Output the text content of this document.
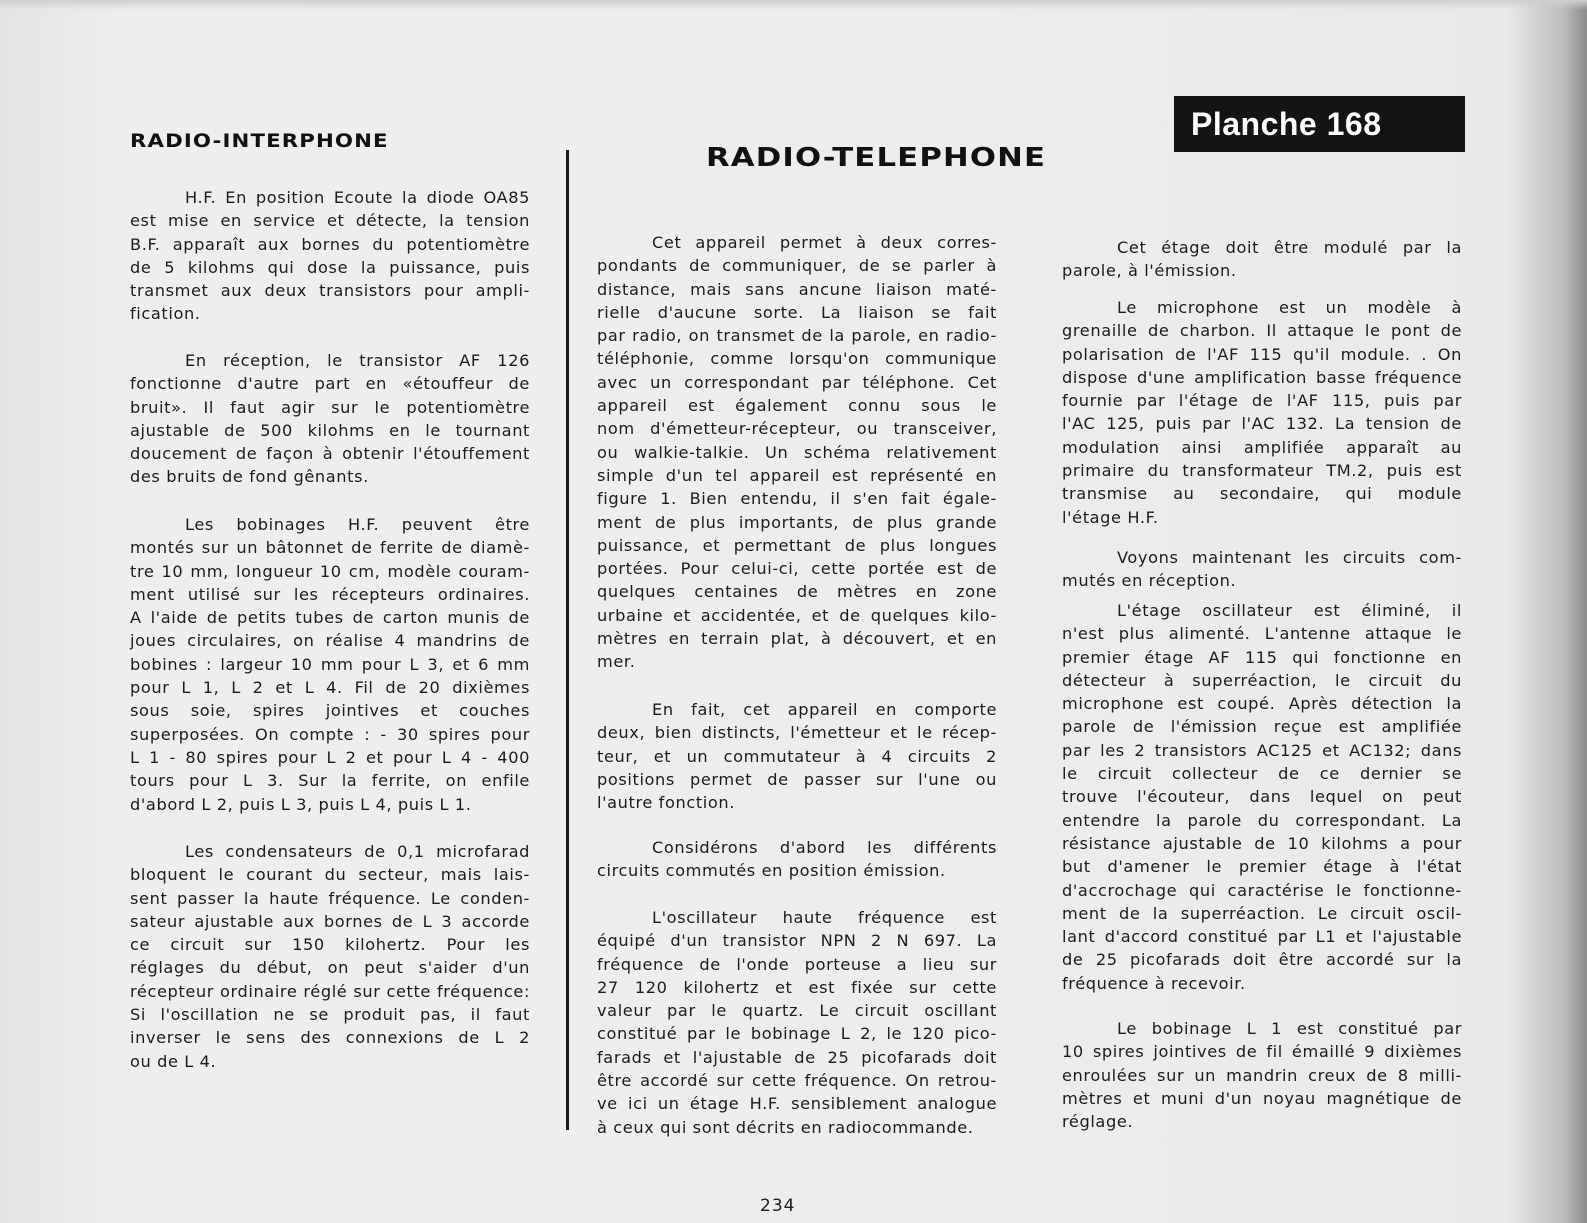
RADIO-INTERPHONE
RADIO-TELEPHONE
Planche 168
H.F. En position Ecoute la diode OA85
est mise en service et détecte, la tension
B.F. apparaît aux bornes du potentiomètre
de 5 kilohms qui dose la puissance, puis
transmet aux deux transistors pour ampli-
fication.
En réception, le transistor AF 126
fonctionne d'autre part en «étouffeur de
bruit». Il faut agir sur le potentiomètre
ajustable de 500 kilohms en le tournant
doucement de façon à obtenir l'étouffement
des bruits de fond gênants.
Les bobinages H.F. peuvent être
montés sur un bâtonnet de ferrite de diamè-
tre 10 mm, longueur 10 cm, modèle couram-
ment utilisé sur les récepteurs ordinaires.
A l'aide de petits tubes de carton munis de
joues circulaires, on réalise 4 mandrins de
bobines : largeur 10 mm pour L 3, et 6 mm
pour L 1, L 2 et L 4. Fil de 20 dixièmes
sous soie, spires jointives et couches
superposées. On compte : - 30 spires pour
L 1 - 80 spires pour L 2 et pour L 4 - 400
tours pour L 3. Sur la ferrite, on enfile
d'abord L 2, puis L 3, puis L 4, puis L 1.
Les condensateurs de 0,1 microfarad
bloquent le courant du secteur, mais lais-
sent passer la haute fréquence. Le conden-
sateur ajustable aux bornes de L 3 accorde
ce circuit sur 150 kilohertz. Pour les
réglages du début, on peut s'aider d'un
récepteur ordinaire réglé sur cette fréquence:
Si l'oscillation ne se produit pas, il faut
inverser le sens des connexions de L 2
ou de L 4.
Cet appareil permet à deux corres-
pondants de communiquer, de se parler à
distance, mais sans ancune liaison maté-
rielle d'aucune sorte. La liaison se fait
par radio, on transmet de la parole, en radio-
téléphonie, comme lorsqu'on communique
avec un correspondant par téléphone. Cet
appareil est également connu sous le
nom d'émetteur-récepteur, ou transceiver,
ou walkie-talkie. Un schéma relativement
simple d'un tel appareil est représenté en
figure 1. Bien entendu, il s'en fait égale-
ment de plus importants, de plus grande
puissance, et permettant de plus longues
portées. Pour celui-ci, cette portée est de
quelques centaines de mètres en zone
urbaine et accidentée, et de quelques kilo-
mètres en terrain plat, à découvert, et en
mer.
En fait, cet appareil en comporte
deux, bien distincts, l'émetteur et le récep-
teur, et un commutateur à 4 circuits 2
positions permet de passer sur l'une ou
l'autre fonction.
Considérons d'abord les différents
circuits commutés en position émission.
L'oscillateur haute fréquence est
équipé d'un transistor NPN 2 N 697. La
fréquence de l'onde porteuse a lieu sur
27 120 kilohertz et est fixée sur cette
valeur par le quartz. Le circuit oscillant
constitué par le bobinage L 2, le 120 pico-
farads et l'ajustable de 25 picofarads doit
être accordé sur cette fréquence. On retrou-
ve ici un étage H.F. sensiblement analogue
à ceux qui sont décrits en radiocommande.
Cet étage doit être modulé par la
parole, à l'émission.
Le microphone est un modèle à
grenaille de charbon. Il attaque le pont de
polarisation de l'AF 115 qu'il module. . On
dispose d'une amplification basse fréquence
fournie par l'étage de l'AF 115, puis par
l'AC 125, puis par l'AC 132. La tension de
modulation ainsi amplifiée apparaît au
primaire du transformateur TM.2, puis est
transmise au secondaire, qui module
l'étage H.F.
Voyons maintenant les circuits com-
mutés en réception.
L'étage oscillateur est éliminé, il
n'est plus alimenté. L'antenne attaque le
premier étage AF 115 qui fonctionne en
détecteur à superréaction, le circuit du
microphone est coupé. Après détection la
parole de l'émission reçue est amplifiée
par les 2 transistors AC125 et AC132; dans
le circuit collecteur de ce dernier se
trouve l'écouteur, dans lequel on peut
entendre la parole du correspondant. La
résistance ajustable de 10 kilohms a pour
but d'amener le premier étage à l'état
d'accrochage qui caractérise le fonctionne-
ment de la superréaction. Le circuit oscil-
lant d'accord constitué par L1 et l'ajustable
de 25 picofarads doit être accordé sur la
fréquence à recevoir.
Le bobinage L 1 est constitué par
10 spires jointives de fil émaillé 9 dixièmes
enroulées sur un mandrin creux de 8 milli-
mètres et muni d'un noyau magnétique de
réglage.
234
